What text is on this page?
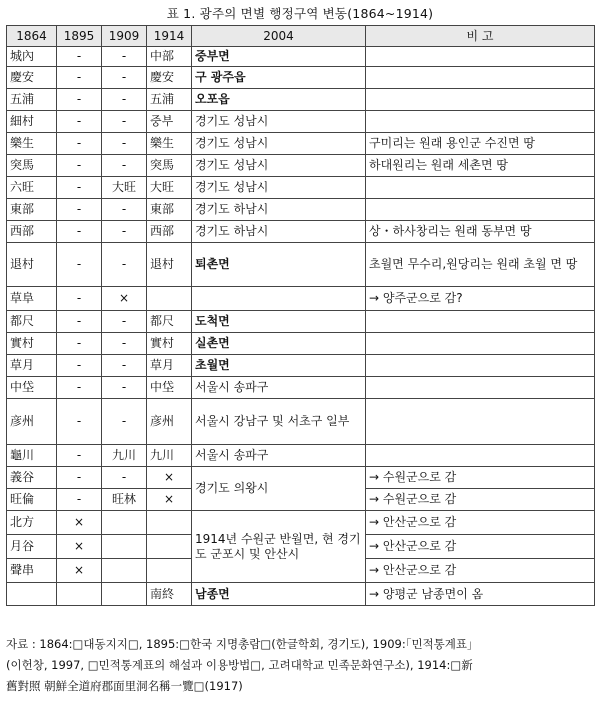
표 1. 광주의 면별 행정구역 변동(1864~1914)
1864	1895	1909	1914	2004	비 고
城內	-	-	中部	중부면	
慶安	-	-	慶安	구 광주읍	
五浦	-	-	五浦	오포읍	
細村	-	-	중부	경기도 성남시	
樂生	-	-	樂生	경기도 성남시	구미리는 원래 용인군 수진면 땅
突馬	-	-	突馬	경기도 성남시	하대원리는 원래 세촌면 땅
六旺	-	大旺	大旺	경기도 성남시	
東部	-	-	東部	경기도 하남시	
西部	-	-	西部	경기도 하남시	상・하사창리는 원래 동부면 땅
退村	-	-	退村	퇴촌면	초월면 무수리,원당리는 원래 초월 면 땅
草阜	-	×			→ 양주군으로 감?
都尺	-	-	都尺	도척면	
實村	-	-	實村	실촌면	
草月	-	-	草月	초월면	
中垈	-	-	中垈	서울시 송파구	
彦州	-	-	彦州	서울시 강남구 및 서초구 일부	
龜川	-	九川	九川	서울시 송파구	
義谷	-	-	×	경기도 의왕시	→ 수원군으로 감
旺倫	-	旺林	×		→ 수원군으로 감
北方	×			1914년 수원군 반월면, 현 경기도 군포시 및 안산시	→ 안산군으로 감
月谷	×				→ 안산군으로 감
聲串	×				→ 안산군으로 감
			南終	남종면	→ 양평군 남종면이 옴
자료 : 1864:□대동지지□, 1895:□한국 지명총람□(한글학회, 경기도), 1909:｢민적통계표｣
(이헌창, 1997, □민적통계표의 해설과 이용방법□, 고려대학교 민족문화연구소), 1914:□新
舊對照 朝鮮全道府郡面里洞名稱一覽□(1917)
